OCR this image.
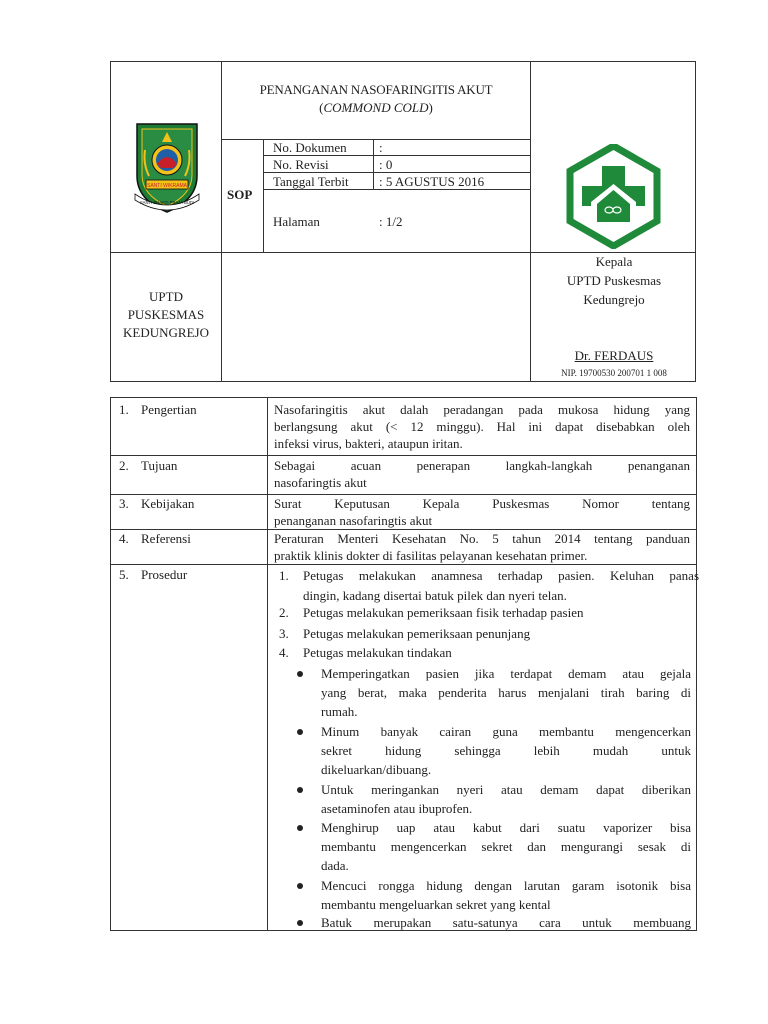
SANTI WIKRAMA
SANTI BHAKTI PRAJA BUDI
PENANGANAN NASOFARINGITIS AKUT
(COMMOND COLD)
SOP
No. Dokumen :
No. Revisi	: 0
Tanggal Terbit : 5 AGUSTUS 2016
Halaman	: 1/2
UPTD
PUSKESMAS
KEDUNGREJO
Kepala
UPTD Puskesmas
Kedungrejo
Dr. FERDAUS
NIP. 19700530 200701 1 008
1. Pengertian	Nasofaringitis akut dalah peradangan pada mukosa hidung yang
berlangsung akut (< 12 minggu). Hal ini dapat disebabkan oleh
infeksi virus, bakteri, ataupun iritan.
2. Tujuan	Sebagai acuan penerapan langkah-langkah penanganan
nasofaringtis akut
3. Kebijakan	Surat Keputusan Kepala Puskesmas Nomor tentang
penanganan nasofaringtis akut
4. Referensi	Peraturan Menteri Kesehatan No. 5 tahun 2014 tentang panduan
praktik klinis dokter di fasilitas pelayanan kesehatan primer.
5. Prosedur	1. Petugas melakukan anamnesa terhadap pasien. Keluhan panas
dingin, kadang disertai batuk pilek dan nyeri telan.
2. Petugas melakukan pemeriksaan fisik terhadap pasien
3. Petugas melakukan pemeriksaan penunjang
4. Petugas melakukan tindakan
Memperingatkan pasien jika terdapat demam atau gejala
yang berat, maka penderita harus menjalani tirah baring di
rumah.
Minum banyak cairan guna membantu mengencerkan
sekret hidung sehingga lebih mudah untuk
dikeluarkan/dibuang.
Untuk meringankan nyeri atau demam dapat diberikan
asetaminofen atau ibuprofen.
Menghirup uap atau kabut dari suatu vaporizer bisa
membantu mengencerkan sekret dan mengurangi sesak di
dada.
Mencuci rongga hidung dengan larutan garam isotonik bisa
membantu mengeluarkan sekret yang kental
Batuk merupakan satu-satunya cara untuk membuang
